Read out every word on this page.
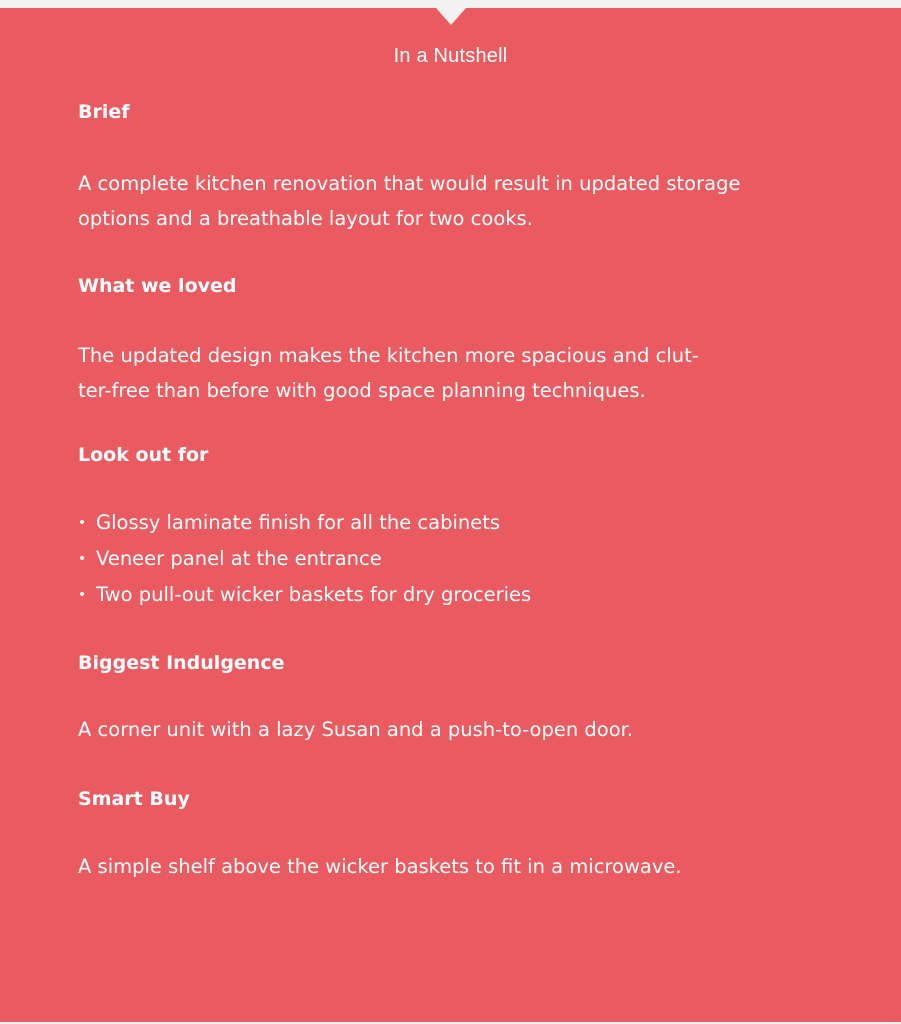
In a Nutshell
Brief

A complete kitchen renovation that would result in updated storage
options and a breathable layout for two cooks.

What we loved

The updated design makes the kitchen more spacious and clut-
ter-free than before with good space planning techniques.

Look out for
• Glossy laminate finish for all the cabinets
• Veneer panel at the entrance
• Two pull-out wicker baskets for dry groceries
Biggest Indulgence

A corner unit with a lazy Susan and a push-to-open door.

Smart Buy

A simple shelf above the wicker baskets to fit in a microwave.
